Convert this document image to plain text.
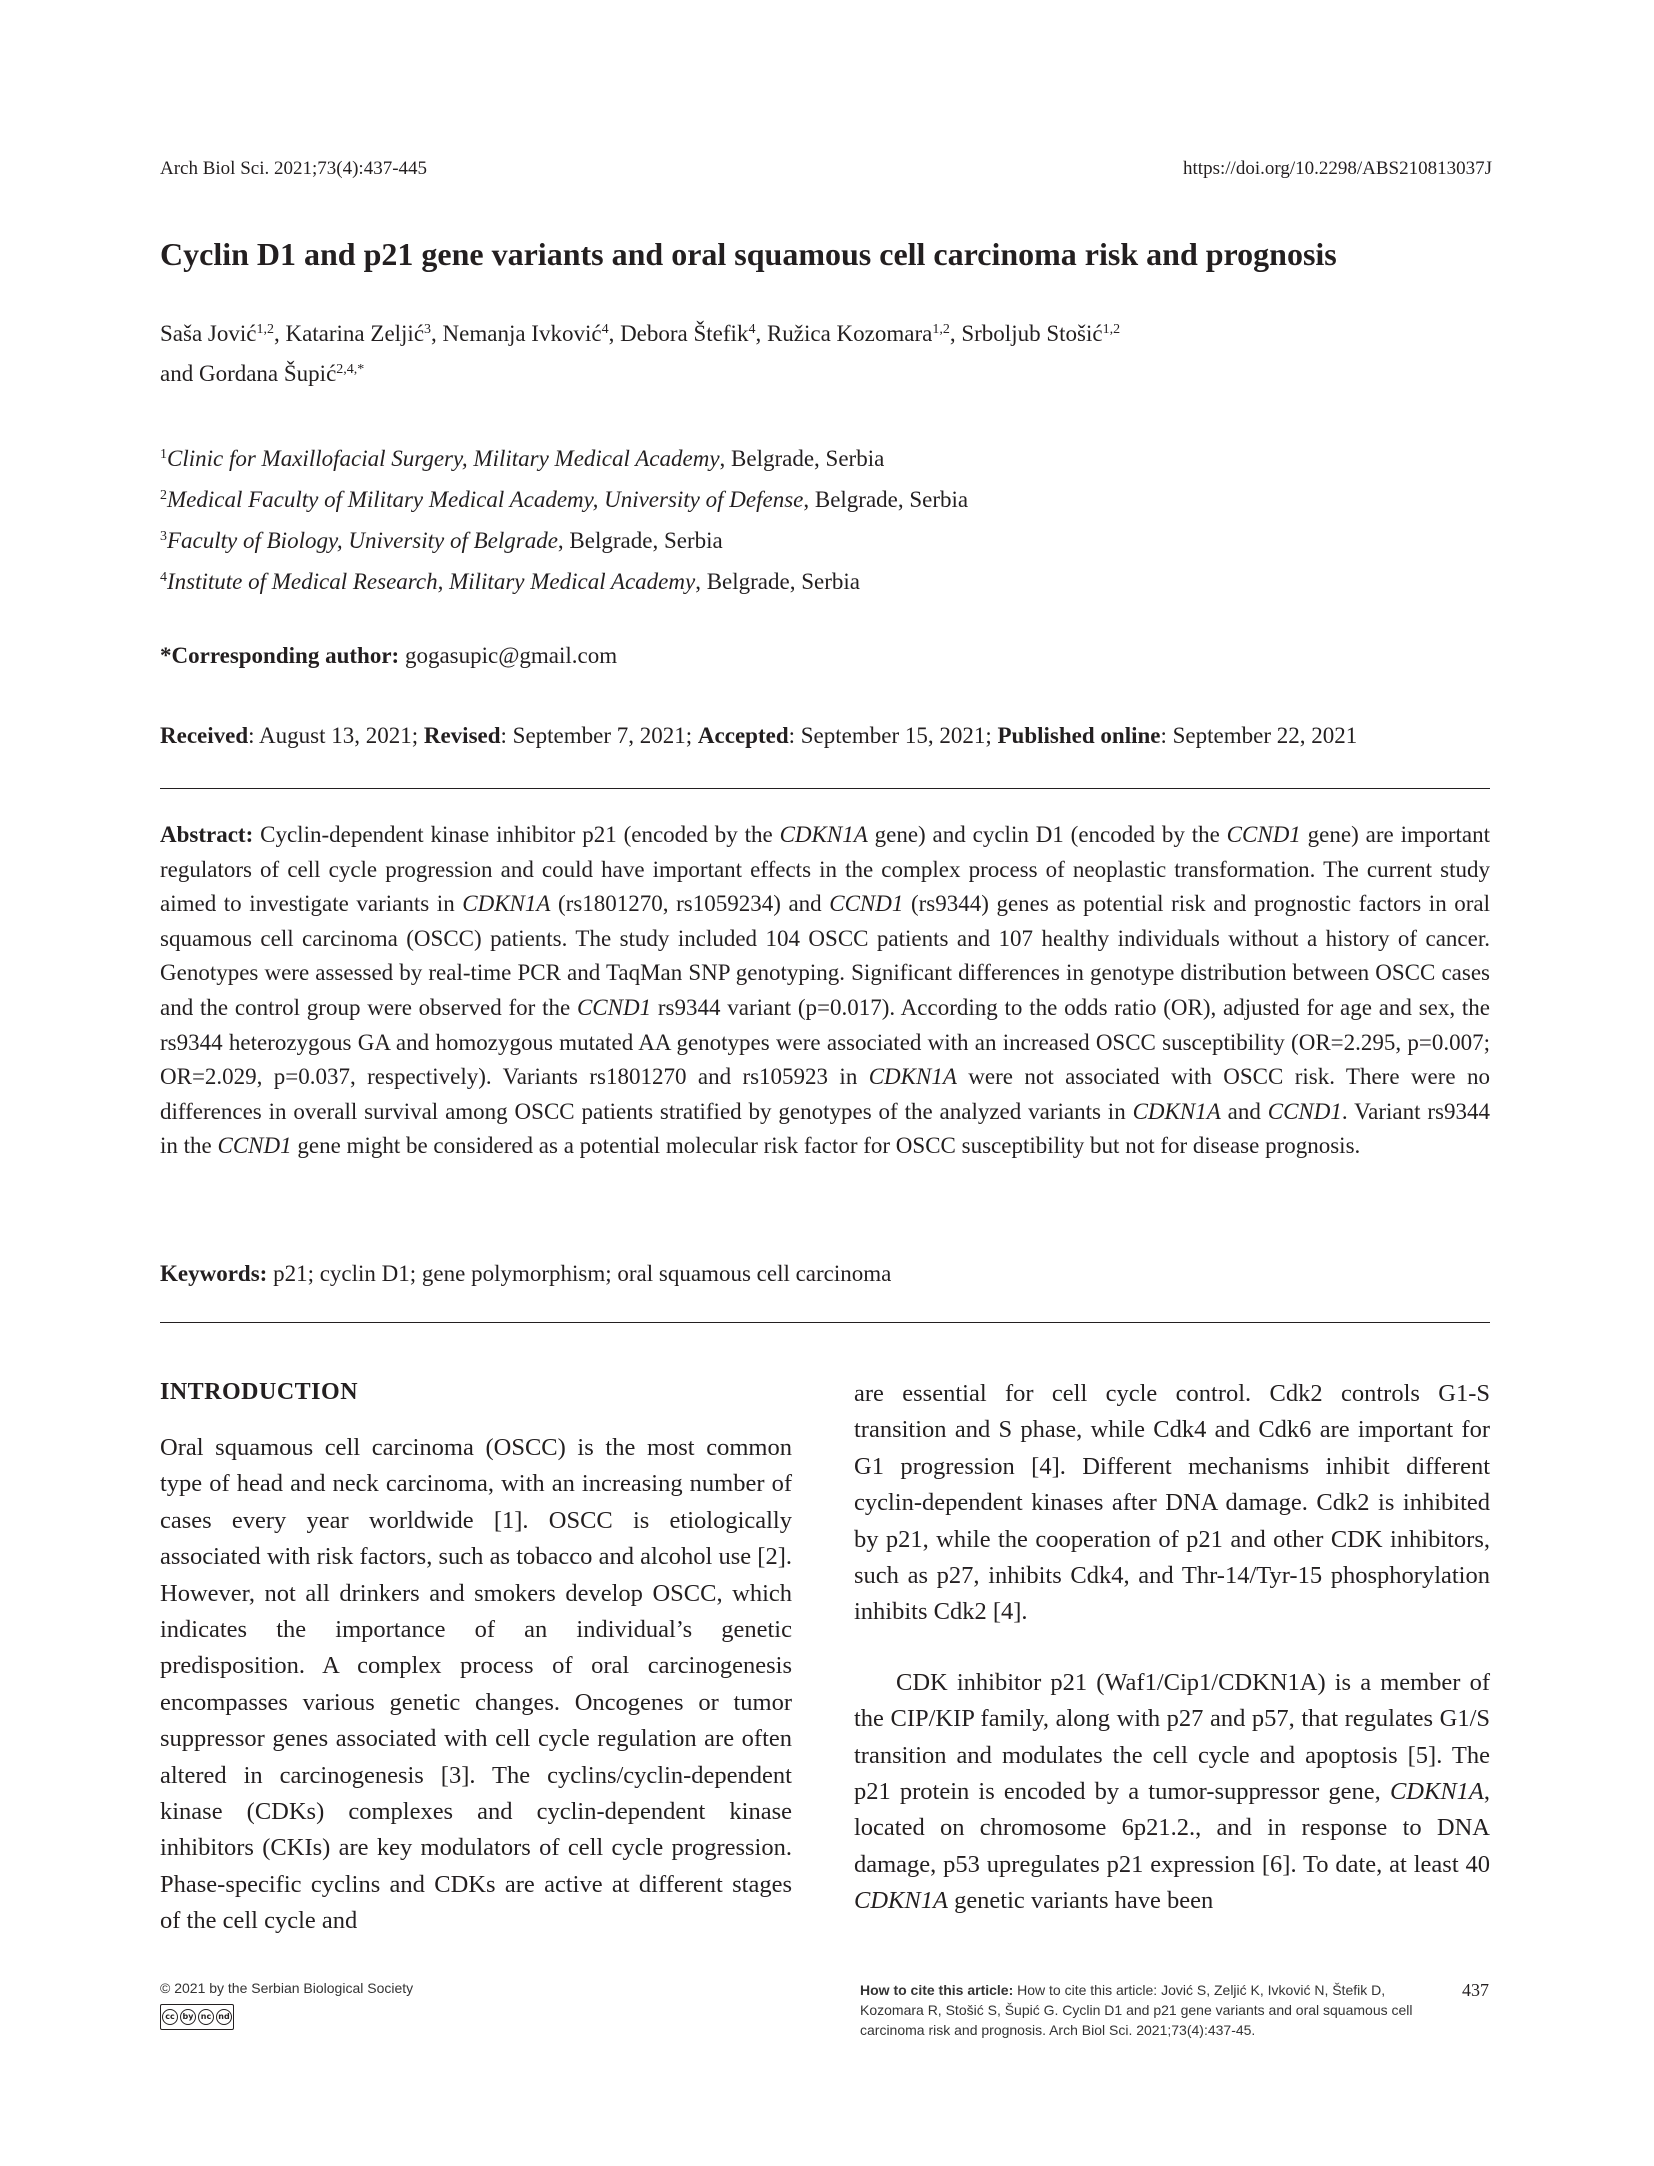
Arch Biol Sci. 2021;73(4):437-445	https://doi.org/10.2298/ABS210813037J
Cyclin D1 and p21 gene variants and oral squamous cell carcinoma risk and prognosis
Saša Jović$^{1,2}$, Katarina Zeljić$^3$, Nemanja Ivković$^4$, Debora Štefik$^4$, Ružica Kozomara$^{1,2}$, Srboljub Stošić$^{1,2}$
and Gordana Šupić$^{2,4,*}$
$^1$Clinic for Maxillofacial Surgery, Military Medical Academy, Belgrade, Serbia
$^2$Medical Faculty of Military Medical Academy, University of Defense, Belgrade, Serbia
$^3$Faculty of Biology, University of Belgrade, Belgrade, Serbia
$^4$Institute of Medical Research, Military Medical Academy, Belgrade, Serbia
*Corresponding author: gogasupic@gmail.com
Received: August 13, 2021; Revised: September 7, 2021; Accepted: September 15, 2021; Published online: September 22, 2021
Abstract: Cyclin-dependent kinase inhibitor p21 (encoded by the CDKN1A gene) and cyclin D1 (encoded by the CCND1 gene) are important regulators of cell cycle progression and could have important effects in the complex process of neoplastic transformation. The current study aimed to investigate variants in CDKN1A (rs1801270, rs1059234) and CCND1 (rs9344) genes as potential risk and prognostic factors in oral squamous cell carcinoma (OSCC) patients. The study included 104 OSCC patients and 107 healthy individuals without a history of cancer. Genotypes were assessed by real-time PCR and TaqMan SNP genotyping. Significant differences in genotype distribution between OSCC cases and the control group were observed for the CCND1 rs9344 variant (p=0.017). According to the odds ratio (OR), adjusted for age and sex, the rs9344 heterozygous GA and homozygous mutated AA genotypes were associated with an increased OSCC susceptibility (OR=2.295, p=0.007; OR=2.029, p=0.037, respectively). Variants rs1801270 and rs105923 in CDKN1A were not associated with OSCC risk. There were no differences in overall survival among OSCC patients stratified by genotypes of the analyzed variants in CDKN1A and CCND1. Variant rs9344 in the CCND1 gene might be considered as a potential molecular risk factor for OSCC susceptibility but not for disease prognosis.
Keywords: p21; cyclin D1; gene polymorphism; oral squamous cell carcinoma
INTRODUCTION

Oral squamous cell carcinoma (OSCC) is the most common type of head and neck carcinoma, with an increasing number of cases every year worldwide [1]. OSCC is etiologically associated with risk factors, such as tobacco and alcohol use [2]. However, not all drinkers and smokers develop OSCC, which indicates the importance of an individual’s genetic predisposition. A complex process of oral carcinogenesis encompasses various genetic changes. Oncogenes or tumor suppressor genes associated with cell cycle regulation are often altered in carcinogenesis [3]. The cyclins/cyclin-dependent kinase (CDKs) complexes and cyclin-dependent kinase inhibitors (CKIs) are key modulators of cell cycle progression. Phase-specific cyclins and CDKs are active at different stages of the cell cycle and

are essential for cell cycle control. Cdk2 controls G1-S transition and S phase, while Cdk4 and Cdk6 are important for G1 progression [4]. Different mechanisms inhibit different cyclin-dependent kinases after DNA damage. Cdk2 is inhibited by p21, while the cooperation of p21 and other CDK inhibitors, such as p27, inhibits Cdk4, and Thr-14/Tyr-15 phosphorylation inhibits Cdk2 [4].

CDK inhibitor p21 (Waf1/Cip1/CDKN1A) is a member of the CIP/KIP family, along with p27 and p57, that regulates G1/S transition and modulates the cell cycle and apoptosis [5]. The p21 protein is encoded by a tumor-suppressor gene, CDKN1A, located on chromosome 6p21.2., and in response to DNA damage, p53 upregulates p21 expression [6]. To date, at least 40 CDKN1A genetic variants have been

© 2021 by the Serbian Biological Society
cc by nc nd
How to cite this article: How to cite this article: Jović S, Zeljić K, Ivković N, Štefik D, Kozomara R, Stošić S, Šupić G. Cyclin D1 and p21 gene variants and oral squamous cell carcinoma risk and prognosis. Arch Biol Sci. 2021;73(4):437-45.
437
